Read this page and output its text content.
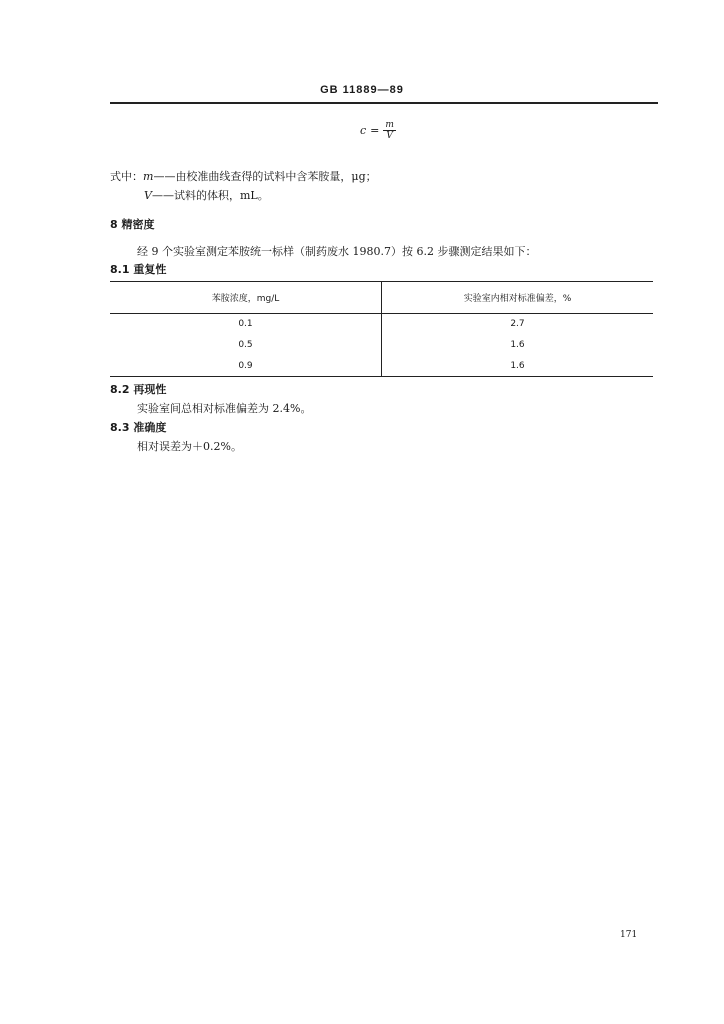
GB 11889—89
$c = \frac{m}{V}$
式中：m——由校准曲线查得的试料中含苯胺量，μg；
V——试料的体积，mL。
8 精密度
经 9 个实验室测定苯胺统一标样（制药废水 1980.7）按 6.2 步骤测定结果如下：
8.1 重复性
苯胺浓度，mg/L	实验室内相对标准偏差，%
0.1	2.7
0.5	1.6
0.9	1.6
8.2 再现性
实验室间总相对标准偏差为 2.4%。
8.3 准确度
相对误差为＋0.2%。
171
